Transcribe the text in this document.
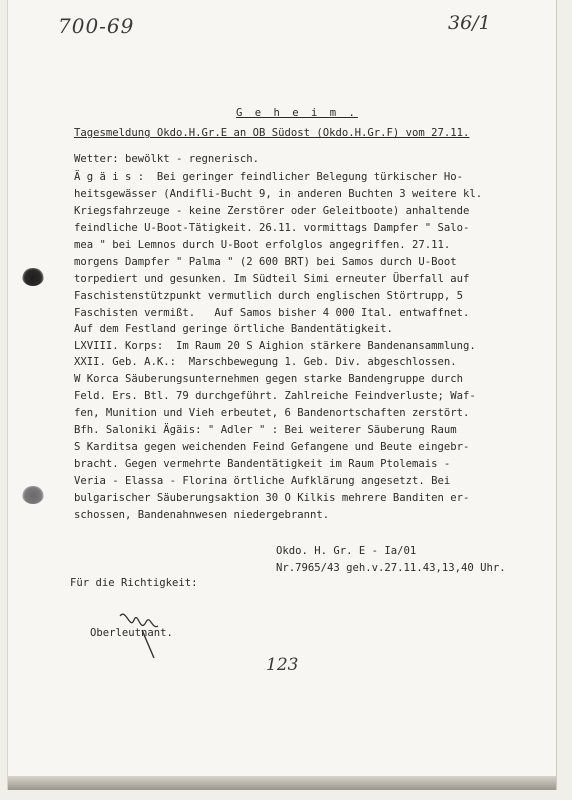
700-69	36/1
G e h e i m .
Tagesmeldung Okdo.H.Gr.E an OB Südost (Okdo.H.Gr.F) vom 27.11.
Wetter: bewölkt - regnerisch.
Ä g ä i s :  Bei geringer feindlicher Belegung türkischer Ho-
heitsgewässer (Andifli-Bucht 9, in anderen Buchten 3 weitere kl.
Kriegsfahrzeuge - keine Zerstörer oder Geleitboote) anhaltende
feindliche U-Boot-Tätigkeit. 26.11. vormittags Dampfer " Salo-
mea " bei Lemnos durch U-Boot erfolglos angegriffen. 27.11.
morgens Dampfer " Palma " (2 600 BRT) bei Samos durch U-Boot
torpediert und gesunken. Im Südteil Simi erneuter Überfall auf
Faschistenstützpunkt vermutlich durch englischen Störtrupp, 5
Faschisten vermißt.   Auf Samos bisher 4 000 Ital. entwaffnet.
Auf dem Festland geringe örtliche Bandentätigkeit.
LXVIII. Korps:  Im Raum 20 S Aighion stärkere Bandenansammlung.
XXII. Geb. A.K.:  Marschbewegung 1. Geb. Div. abgeschlossen.
W Korca Säuberungsunternehmen gegen starke Bandengruppe durch
Feld. Ers. Btl. 79 durchgeführt. Zahlreiche Feindverluste; Waf-
fen, Munition und Vieh erbeutet, 6 Bandenortschaften zerstört.
Bfh. Saloniki Ägäis: " Adler " : Bei weiterer Säuberung Raum
S Karditsa gegen weichenden Feind Gefangene und Beute eingebr-
bracht. Gegen vermehrte Bandentätigkeit im Raum Ptolemais -
Veria - Elassa - Florina örtliche Aufklärung angesetzt. Bei
bulgarischer Säuberungsaktion 30 O Kilkis mehrere Banditen er-
schossen, Bandenahnwesen niedergebrannt.
Okdo. H. Gr. E - Ia/01
Nr.7965/43 geh.v.27.11.43,13,40 Uhr.
Für die Richtigkeit:
Oberleutnant.
123
